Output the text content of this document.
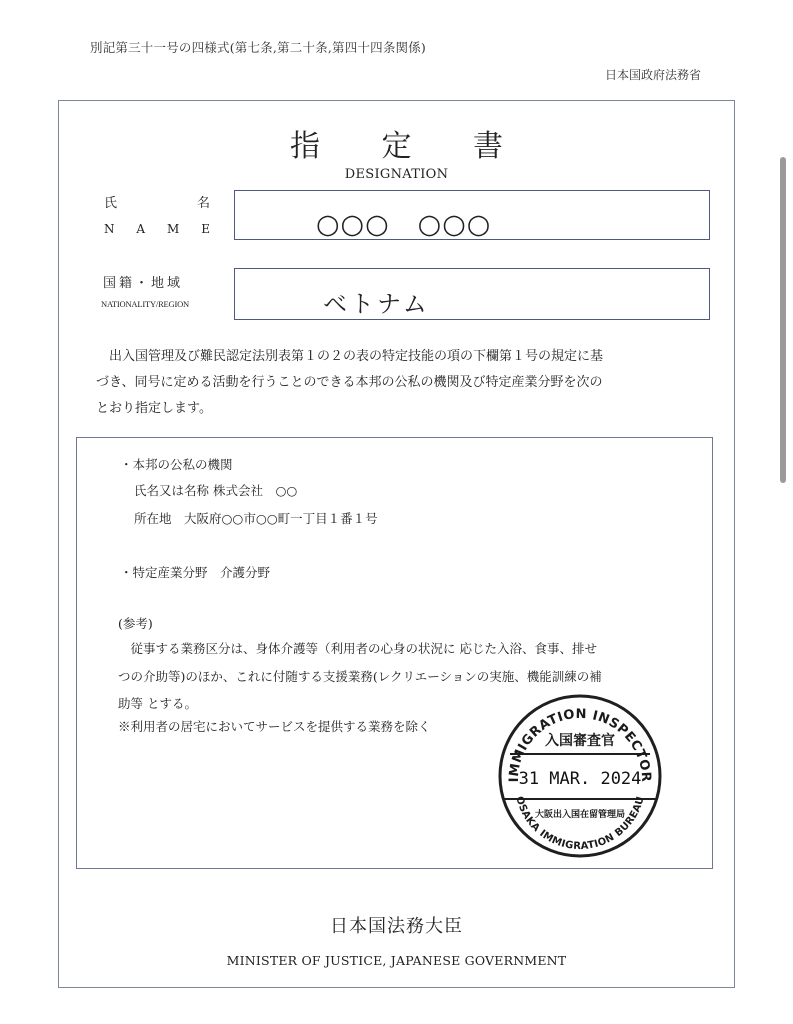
別記第三十一号の四様式(第七条,第二十条,第四十四条関係)
日本国政府法務省
指 定 書
DESIGNATION
氏	名
N A M E	○○○　○○○
国籍・地域
NATIONALITY/REGION	ベトナム

　出入国管理及び難民認定法別表第１の２の表の特定技能の項の下欄第１号の規定に基

づき、同号に定める活動を行うことのできる本邦の公私の機関及び特定産業分野を次の

とおり指定します。

・本邦の公私の機関
氏名又は名称 株式会社　○○
所在地　大阪府○○市○○町一丁目１番１号
・特定産業分野　介護分野
(参考)

　従事する業務区分は、身体介護等（利用者の心身の状況に 応じた入浴、食事、排せ

つの介助等)のほか、これに付随する支援業務(レクリエーションの実施、機能訓練の補

助等 とする。

※利用者の居宅においてサービスを提供する業務を除く
IMMIGRATION INSPECTOR
入国審査官
31 MAR. 2024
大阪出入国在留管理局
OSAKA IMMIGRATION BUREAU
日本国法務大臣
MINISTER OF JUSTICE, JAPANESE GOVERNMENT
